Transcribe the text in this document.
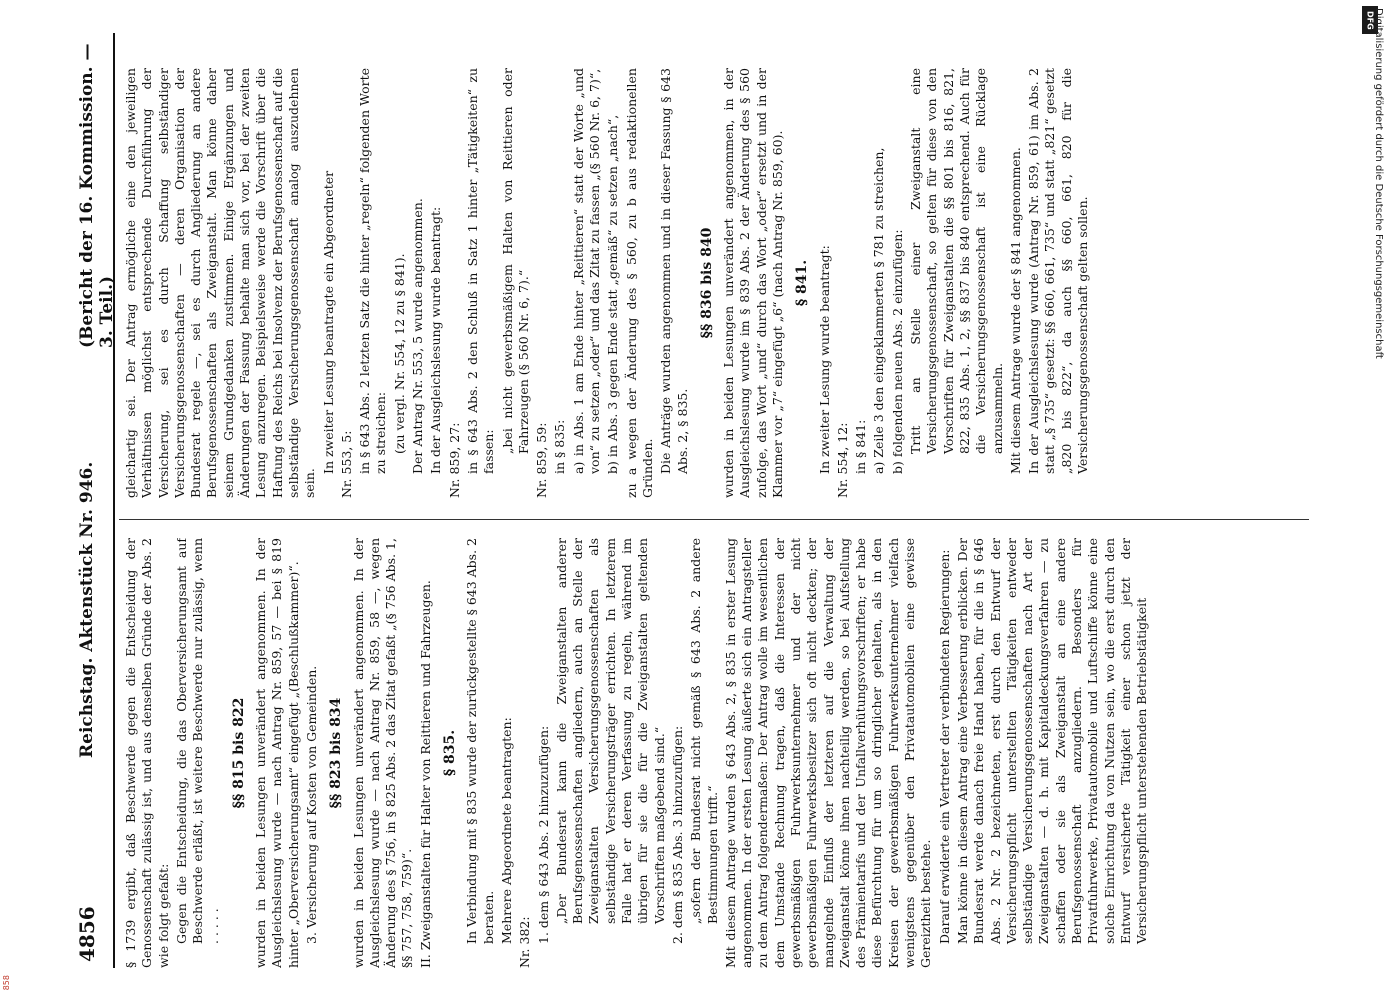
4856
Reichstag. Aktenstück Nr. 946.
(Bericht der 16. Kommission. — 3. Teil.)
§ 1739 ergibt, daß Beschwerde gegen die Entscheidung der Genossenschaft zulässig ist, und aus denselben Gründe der Abs. 2 wie folgt gefaßt: Gegen die Entscheidung, die das Oberversicherungsamt auf Beschwerde erläßt, ist weitere Beschwerde nur zulässig, wenn . . . . .
§§ 815 bis 822 wurden in beiden Lesungen unverändert angenommen. In der Ausgleichslesung wurde — nach Antrag Nr. 859, 57 — bei § 819 hinter „Oberversicherungsamt“ eingefügt „(Beschlußkammer)“. 3. Versicherung auf Kosten von Gemeinden. §§ 823 bis 834 wurden in beiden Lesungen unverändert angenommen. In der Ausgleichslesung wurde — nach Antrag Nr. 859, 58 —, wegen Änderung des § 756, in § 825 Abs. 2 das Zitat gefaßt „(§ 756 Abs. 1, §§ 757, 758, 759)“. II. Zweiganstalten für Halter von Reittieren und Fahrzeugen. § 835. In Verbindung mit § 835 wurde der zurückgestellte § 643 Abs. 2 beraten. Mehrere Abgeordnete beantragten: Nr. 382: 1. dem § 643 Abs. 2 hinzuzufügen: „Der Bundesrat kann die Zweiganstalten anderer Berufsgenossenschaften angliedern, auch an Stelle der Zweiganstalten Versicherungsgenossenschaften als selbständige Versicherungsträger errichten. In letzterem Falle hat er deren Verfassung zu regeln, während im übrigen für sie die für die Zweiganstalten geltenden Vorschriften maßgebend sind.“ 2. dem § 835 Abs. 3 hinzuzufügen: „sofern der Bundesrat nicht gemäß § 643 Abs. 2 andere Bestimmungen trifft.“ Mit diesem Antrage wurden § 643 Abs. 2, § 835 in erster Lesung angenommen. In der ersten Lesung äußerte sich ein Antragsteller zu dem Antrag folgendermaßen: Der Antrag wolle im wesentlichen dem Umstande Rechnung tragen, daß die Interessen der gewerbsmäßigen Fuhrwerksunternehmer und der nicht gewerbsmäßigen Fuhrwerksbesitzer sich oft nicht deckten; der mangelnde Einfluß der letzteren auf die Verwaltung der Zweiganstalt könne ihnen nachteilig werden, so bei Aufstellung des Prämientarifs und der Unfallverhütungsvorschriften; er habe diese Befürchtung für um so dringlicher gehalten, als in den Kreisen der gewerbsmäßigen Fuhrwerksunternehmer vielfach wenigstens gegenüber den Privatautomobilen eine gewisse Gereiztheit bestehe. Darauf erwiderte ein Vertreter der verbündeten Regierungen: Man könne in diesem Antrag eine Verbesserung erblicken. Der Bundesrat werde danach freie Hand haben, für die in § 646 Abs. 2 Nr. 2 bezeichneten, erst durch den Entwurf der Versicherungspflicht unterstellten Tätigkeiten entweder selbständige Versicherungsgenossenschaften nach Art der Zweiganstalten — d. h. mit Kapitaldeckungsverfahren — zu schaffen oder sie als Zweiganstalt an eine andere Berufsgenossenschaft anzugliedern. Besonders für Privatfuhrwerke, Privatautomobile und Luftschiffe könne eine solche Einrichtung da von Nutzen sein, wo die erst durch den Entwurf versicherte Tätigkeit einer schon jetzt der Versicherungspflicht unterstehenden Betriebstätigkeit
gleichartig sei. Der Antrag ermögliche eine den jeweiligen Verhältnissen möglichst entsprechende Durchführung der Versicherung, sei es durch Schaffung selbständiger Versicherungsgenossenschaften — deren Organisation der Bundesrat regele —, sei es durch Angliederung an andere Berufsgenossenschaften als Zweiganstalt. Man könne daher seinem Grundgedanken zustimmen. Einige Ergänzungen und Änderungen der Fassung behalte man sich vor, bei der zweiten Lesung anzuregen. Beispielsweise werde die Vorschrift über die Haftung des Reichs bei Insolvenz der Berufsgenossenschaft auf die selbständige Versicherungsgenossenschaft analog auszudehnen sein.
In zweiter Lesung beantragte ein Abgeordneter Nr. 553, 5: in § 643 Abs. 2 letzten Satz die hinter „regeln“ folgenden Worte zu streichen: (zu vergl. Nr. 554, 12 zu § 841). Der Antrag Nr. 553, 5 wurde angenommen. In der Ausgleichslesung wurde beantragt: Nr. 859, 27: in § 643 Abs. 2 den Schluß in Satz 1 hinter „Tätigkeiten“ zu fassen: „bei nicht gewerbsmäßigem Halten von Reittieren oder Fahrzeugen (§ 560 Nr. 6, 7).“
Nr. 859, 59: in § 835: a) in Abs. 1 am Ende hinter „Reittieren“ statt der Worte „und von“ zu setzen „oder“ und das Zitat zu fassen „(§ 560 Nr. 6, 7)“, b) in Abs. 3 gegen Ende statt „gemäß“ zu setzen „nach“, zu a wegen der Änderung des § 560, zu b aus redaktionellen Gründen. Die Anträge wurden angenommen und in dieser Fassung § 643 Abs. 2, § 835.
§§ 836 bis 840 wurden in beiden Lesungen unverändert angenommen, in der Ausgleichslesung wurde im § 839 Abs. 2 der Änderung des § 560 zufolge, das Wort „und“ durch das Wort „oder“ ersetzt und in der Klammer vor „7“ eingefügt „6“ (nach Antrag Nr. 859, 60). § 841. In zweiter Lesung wurde beantragt: Nr. 554, 12: in § 841: a) Zeile 3 den eingeklammerten § 781 zu streichen, b) folgenden neuen Abs. 2 einzufügen: Tritt an Stelle einer Zweiganstalt eine Versicherungsgenossenschaft, so gelten für diese von den Vorschriften für Zweiganstalten die §§ 801 bis 816, 821, 822, 835 Abs. 1, 2, §§ 837 bis 840 entsprechend. Auch für die Versicherungsgenossenschaft ist eine Rücklage anzusammeln. Mit diesem Antrage wurde der § 841 angenommen. In der Ausgleichslesung wurde (Antrag Nr. 859, 61) im Abs. 2 statt „§ 735“ gesetzt: §§ 660, 661, 735“ und statt „821“ gesetzt „820 bis 822“, da auch §§ 660, 661, 820 für die Versicherungsgenossenschaft gelten sollen.
DFG
Digitalisierung gefördert durch die Deutsche Forschungsgemeinschaft
858
